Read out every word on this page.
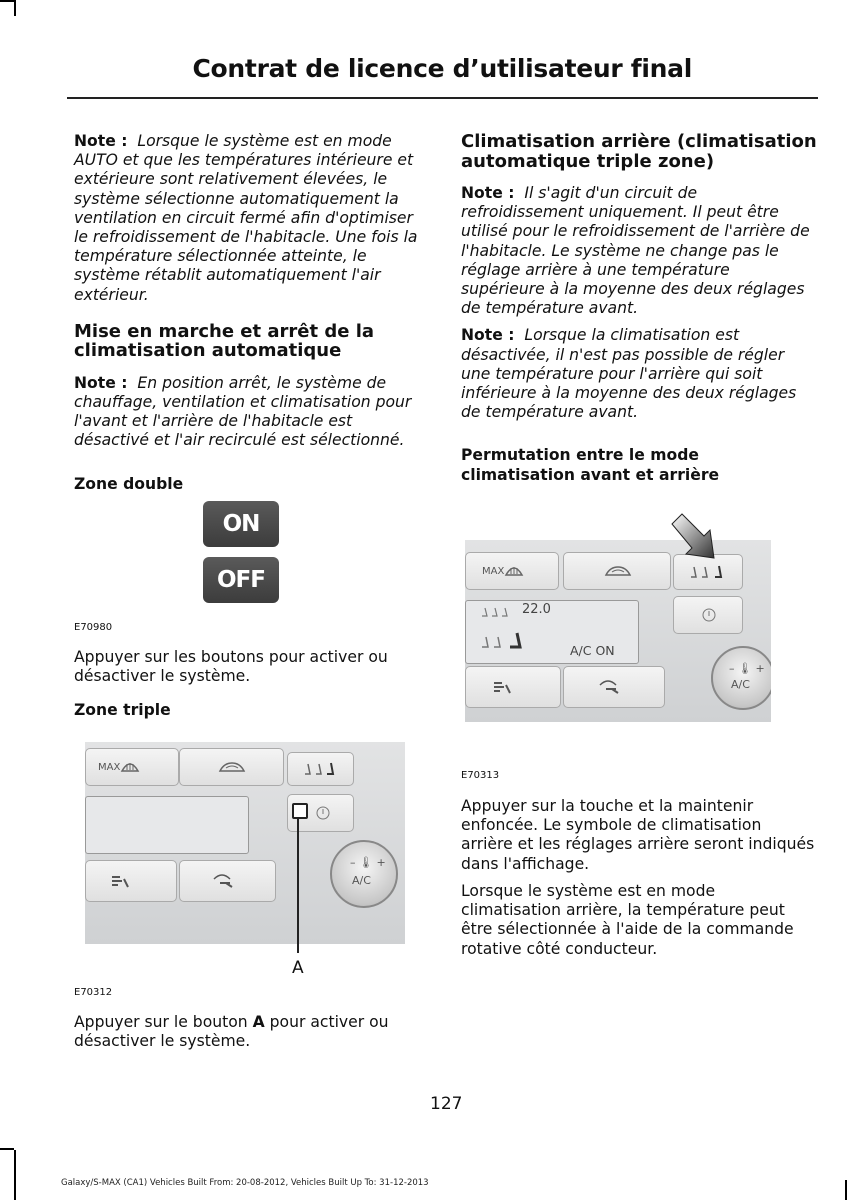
Contrat de licence d’utilisateur final

Note : Lorsque le système est en mode AUTO et que les températures intérieure et extérieure sont relativement élevées, le système sélectionne automatiquement la ventilation en circuit fermé afin d'optimiser le refroidissement de l'habitacle. Une fois la température sélectionnée atteinte, le système rétablit automatiquement l'air extérieur.

Mise en marche et arrêt de la climatisation automatique

Note : En position arrêt, le système de chauffage, ventilation et climatisation pour l'avant et l'arrière de l'habitacle est désactivé et l'air recirculé est sélectionné.

Zone double
ON
OFF
E70980

Appuyer sur les boutons pour activer ou désactiver le système.

Zone triple
MAX
– 🌡 +
A/C
A
E70312

Appuyer sur le bouton A pour activer ou désactiver le système.

Climatisation arrière (climatisation automatique triple zone)

Note : Il s'agit d'un circuit de refroidissement uniquement. Il peut être utilisé pour le refroidissement de l'arrière de l'habitacle. Le système ne change pas le réglage arrière à une température supérieure à la moyenne des deux réglages de température avant.

Note : Lorsque la climatisation est désactivée, il n'est pas possible de régler une température pour l'arrière qui soit inférieure à la moyenne des deux réglages de température avant.

Permutation entre le mode climatisation avant et arrière
MAX
22.0
A/C ON
– 🌡 +
A/C
E70313

Appuyer sur la touche et la maintenir enfoncée. Le symbole de climatisation arrière et les réglages arrière seront indiqués dans l'affichage.

Lorsque le système est en mode climatisation arrière, la température peut être sélectionnée à l'aide de la commande rotative côté conducteur.

127
Galaxy/S-MAX (CA1) Vehicles Built From: 20-08-2012, Vehicles Built Up To: 31-12-2013
